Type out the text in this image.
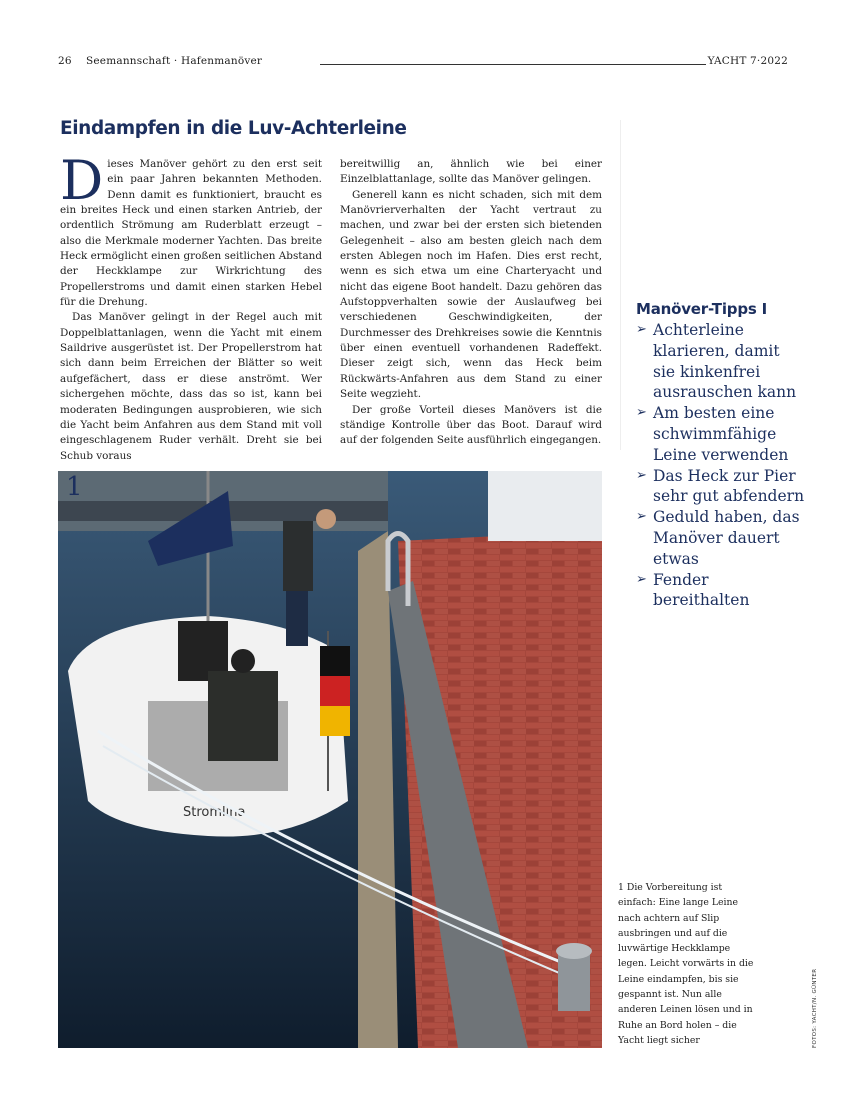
26 Seemannschaft · Hafenmanöver	YACHT 7·2022
Eindampfen in die Luv-Achterleine

Dieses Manöver gehört zu den erst seit ein paar Jahren bekannten Methoden. Denn damit es funktioniert, braucht es ein breites Heck und einen starken Antrieb, der ordentlich Strömung am Ruderblatt erzeugt – also die Merkmale moderner Yachten. Das breite Heck ermöglicht einen großen seitlichen Abstand der Heckklampe zur Wirkrichtung des Propellerstroms und damit einen starken Hebel für die Drehung.

Das Manöver gelingt in der Regel auch mit Doppelblattanlagen, wenn die Yacht mit einem Saildrive ausgerüstet ist. Der Propellerstrom hat sich dann beim Erreichen der Blätter so weit aufgefächert, dass er diese anströmt. Wer sichergehen möchte, dass das so ist, kann bei moderaten Bedingungen ausprobieren, wie sich die Yacht beim Anfahren aus dem Stand mit voll eingeschlagenem Ruder verhält. Dreht sie bei Schub voraus

bereitwillig an, ähnlich wie bei einer Einzelblattanlage, sollte das Manöver gelingen.

Generell kann es nicht schaden, sich mit dem Manövrierverhalten der Yacht vertraut zu machen, und zwar bei der ersten sich bietenden Gelegenheit – also am besten gleich nach dem ersten Ablegen noch im Hafen. Dies erst recht, wenn es sich etwa um eine Charteryacht und nicht das eigene Boot handelt. Dazu gehören das Aufstoppverhalten sowie der Auslaufweg bei verschiedenen Geschwindigkeiten, der Durchmesser des Drehkreises sowie die Kenntnis über einen eventuell vorhandenen Radeffekt. Dieser zeigt sich, wenn das Heck beim Rückwärts-Anfahren aus dem Stand zu einer Seite wegzieht.

Der große Vorteil dieses Manövers ist die ständige Kontrolle über das Boot. Darauf wird auf der folgenden Seite ausführlich eingegangen.

Manöver-Tipps I
➢ Achterleine klarieren, damit sie kinkenfrei ausrauschen kann
➢ Am besten eine schwimmfähige Leine verwenden
➢ Das Heck zur Pier sehr gut abfendern
➢ Geduld haben, das Manöver dauert etwas
➢ Fender bereithalten
Stromlina
1

1 Die Vorbereitung ist einfach: Eine lange Leine nach achtern auf Slip ausbringen und auf die luvwärtige Heckklampe legen. Leicht vorwärts in die Leine eindampfen, bis sie gespannt ist. Nun alle anderen Leinen lösen und in Ruhe an Bord holen – die Yacht liegt sicher	FOTOS: YACHT/N. GÜNTER
